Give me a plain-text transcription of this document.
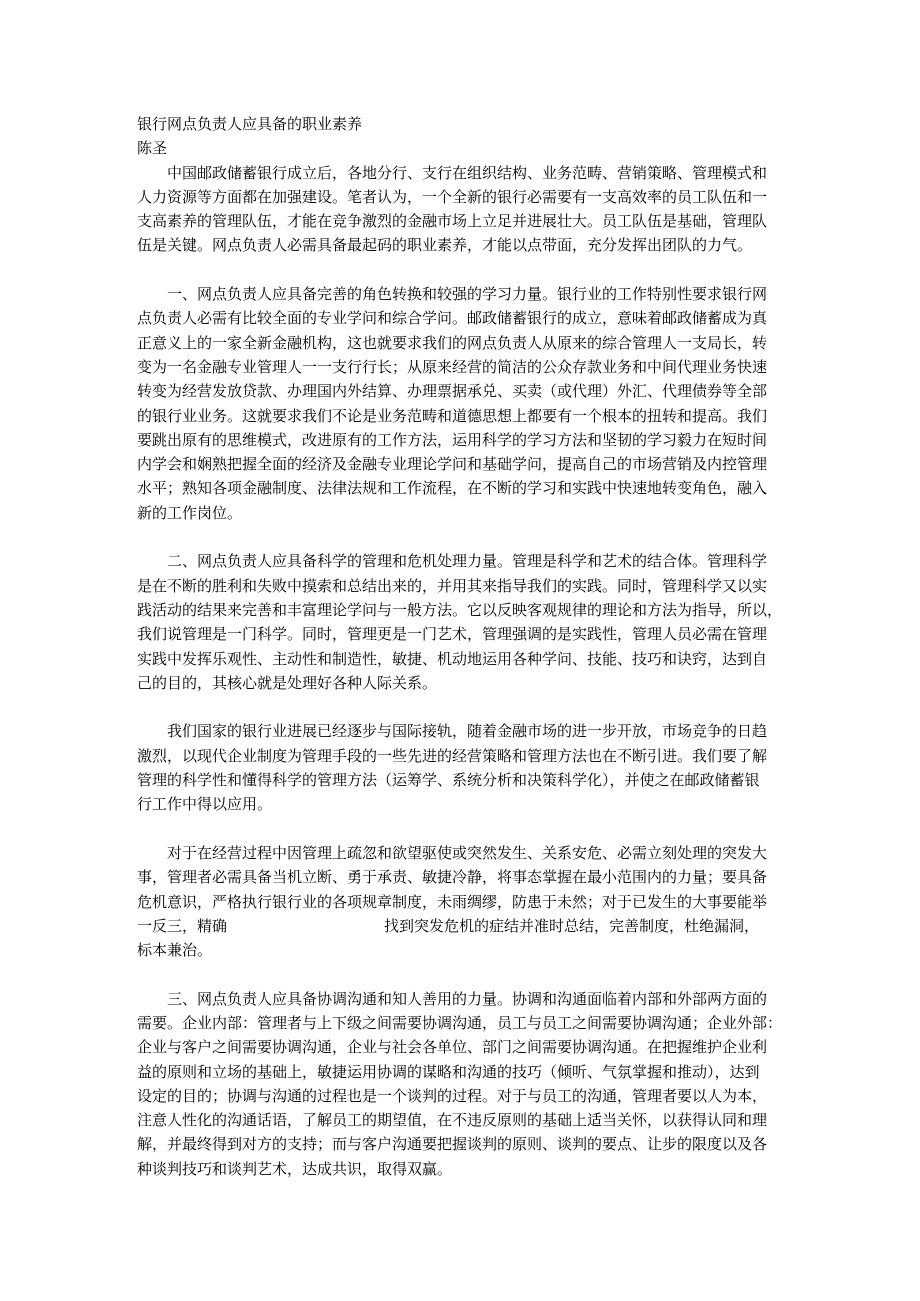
银行网点负责人应具备的职业素养
陈圣
中国邮政储蓄银行成立后，各地分行、支行在组织结构、业务范畴、营销策略、管理模式和
人力资源等方面都在加强建设。笔者认为，一个全新的银行必需要有一支高效率的员工队伍和一
支高素养的管理队伍，才能在竞争激烈的金融市场上立足并进展壮大。员工队伍是基础，管理队
伍是关键。网点负责人必需具备最起码的职业素养，才能以点带面，充分发挥出团队的力气。
一、网点负责人应具备完善的角色转换和较强的学习力量。银行业的工作特别性要求银行网
点负责人必需有比较全面的专业学问和综合学问。邮政储蓄银行的成立，意味着邮政储蓄成为真
正意义上的一家全新金融机构，这也就要求我们的网点负责人从原来的综合管理人一支局长，转
变为一名金融专业管理人一一支行行长；从原来经营的简洁的公众存款业务和中间代理业务快速
转变为经营发放贷款、办理国内外结算、办理票据承兑、买卖（或代理）外汇、代理债券等全部
的银行业业务。这就要求我们不论是业务范畴和道德思想上都要有一个根本的扭转和提高。我们
要跳出原有的思维模式，改进原有的工作方法，运用科学的学习方法和坚韧的学习毅力在短时间
内学会和娴熟把握全面的经济及金融专业理论学问和基础学问，提高自己的市场营销及内控管理
水平；熟知各项金融制度、法律法规和工作流程，在不断的学习和实践中快速地转变角色，融入
新的工作岗位。
二、网点负责人应具备科学的管理和危机处理力量。管理是科学和艺术的结合体。管理科学
是在不断的胜利和失败中摸索和总结出来的，并用其来指导我们的实践。同时，管理科学又以实
践活动的结果来完善和丰富理论学问与一般方法。它以反映客观规律的理论和方法为指导，所以，
我们说管理是一门科学。同时，管理更是一门艺术，管理强调的是实践性，管理人员必需在管理
实践中发挥乐观性、主动性和制造性，敏捷、机动地运用各种学问、技能、技巧和诀窍，达到自
己的目的，其核心就是处理好各种人际关系。
我们国家的银行业进展已经逐步与国际接轨，随着金融市场的进一步开放，市场竞争的日趋
激烈，以现代企业制度为管理手段的一些先进的经营策略和管理方法也在不断引进。我们要了解
管理的科学性和懂得科学的管理方法（运筹学、系统分析和决策科学化），并使之在邮政储蓄银
行工作中得以应用。
对于在经营过程中因管理上疏忽和欲望驱使或突然发生、关系安危、必需立刻处理的突发大
事，管理者必需具备当机立断、勇于承责、敏捷冷静，将事态掌握在最小范围内的力量；要具备
危机意识，严格执行银行业的各项规章制度，未雨绸缪，防患于未然；对于已发生的大事要能举
一反三，精确	找到突发危机的症结并准时总结，完善制度，杜绝漏洞，
标本兼治。
三、网点负责人应具备协调沟通和知人善用的力量。协调和沟通面临着内部和外部两方面的
需要。企业内部：管理者与上下级之间需要协调沟通，员工与员工之间需要协调沟通；企业外部：
企业与客户之间需要协调沟通，企业与社会各单位、部门之间需要协调沟通。在把握维护企业利
益的原则和立场的基础上，敏捷运用协调的谋略和沟通的技巧（倾听、气氛掌握和推动），达到
设定的目的；协调与沟通的过程也是一个谈判的过程。对于与员工的沟通，管理者要以人为本，
注意人性化的沟通话语，了解员工的期望值，在不违反原则的基础上适当关怀，以获得认同和理
解，并最终得到对方的支持；而与客户沟通要把握谈判的原则、谈判的要点、让步的限度以及各
种谈判技巧和谈判艺术，达成共识，取得双赢。
